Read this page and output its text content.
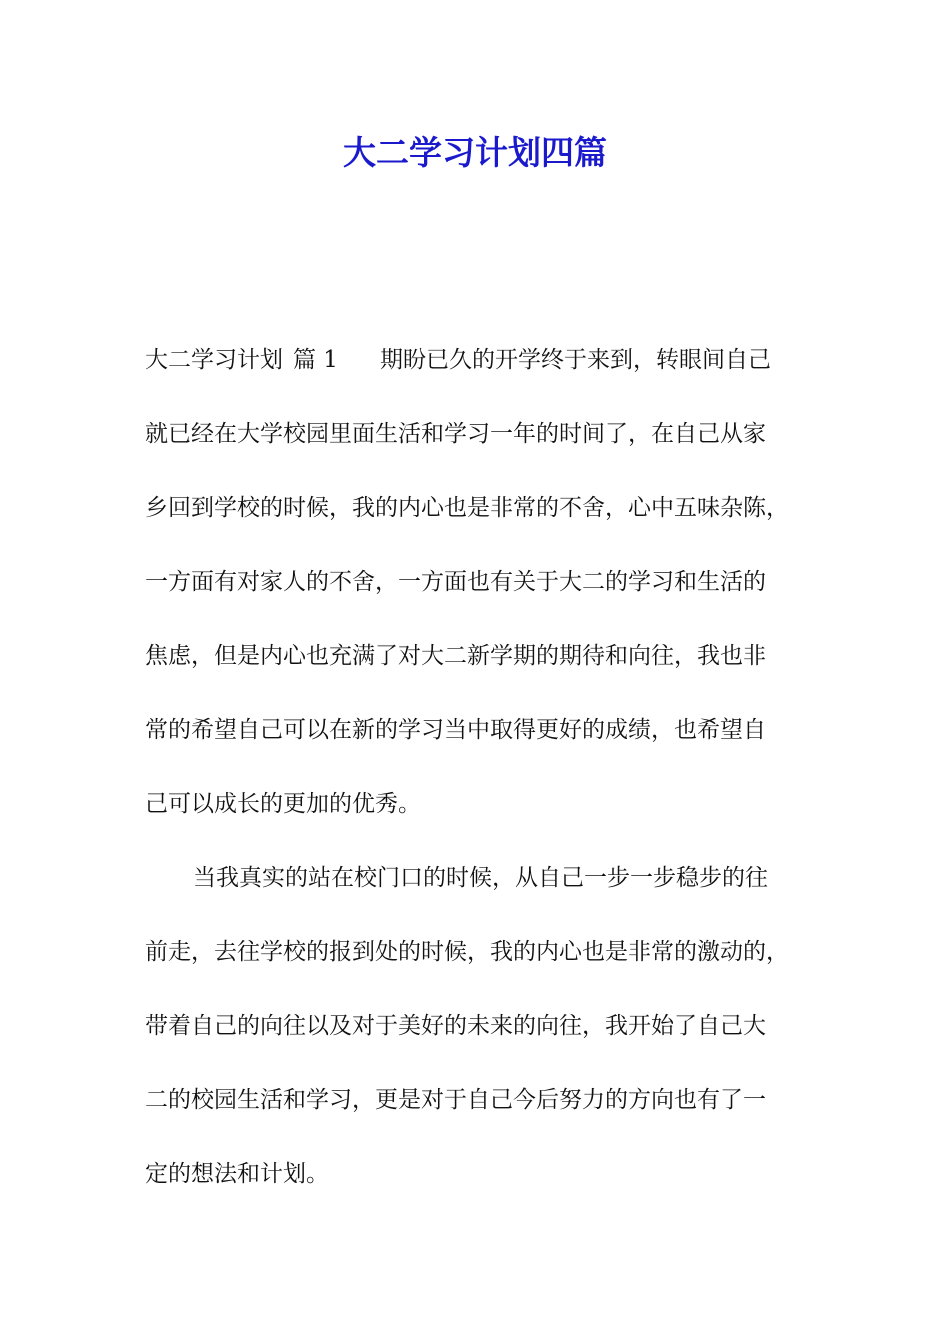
大二学习计划四篇
大二学习计划 篇 1 期盼已久的开学终于来到，转眼间自己
就已经在大学校园里面生活和学习一年的时间了，在自己从家
乡回到学校的时候，我的内心也是非常的不舍，心中五味杂陈，
一方面有对家人的不舍，一方面也有关于大二的学习和生活的
焦虑，但是内心也充满了对大二新学期的期待和向往，我也非
常的希望自己可以在新的学习当中取得更好的成绩，也希望自
己可以成长的更加的优秀。
当我真实的站在校门口的时候，从自己一步一步稳步的往
前走，去往学校的报到处的时候，我的内心也是非常的激动的，
带着自己的向往以及对于美好的未来的向往，我开始了自己大
二的校园生活和学习，更是对于自己今后努力的方向也有了一
定的想法和计划。
